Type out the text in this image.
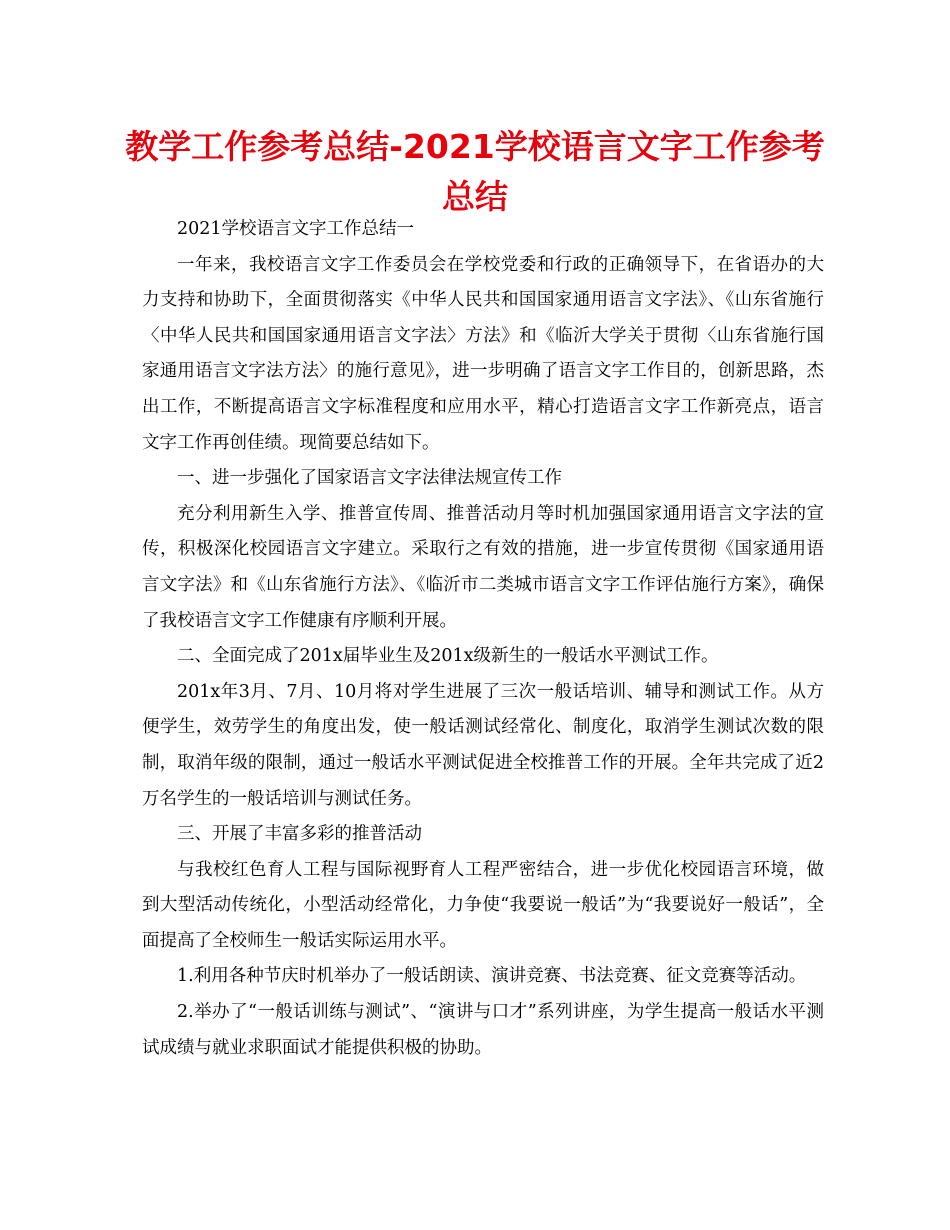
教学工作参考总结-2021学校语言文字工作参考总结

2021学校语言文字工作总结一

一年来，我校语言文字工作委员会在学校党委和行政的正确领导下，在省语办的大力支持和协助下，全面贯彻落实《中华人民共和国国家通用语言文字法》、《山东省施行〈中华人民共和国国家通用语言文字法〉方法》和《临沂大学关于贯彻〈山东省施行国家通用语言文字法方法〉的施行意见》，进一步明确了语言文字工作目的，创新思路，杰出工作，不断提高语言文字标准程度和应用水平，精心打造语言文字工作新亮点，语言文字工作再创佳绩。现简要总结如下。

一、进一步强化了国家语言文字法律法规宣传工作

充分利用新生入学、推普宣传周、推普活动月等时机加强国家通用语言文字法的宣传，积极深化校园语言文字建立。采取行之有效的措施，进一步宣传贯彻《国家通用语言文字法》和《山东省施行方法》、《临沂市二类城市语言文字工作评估施行方案》，确保了我校语言文字工作健康有序顺利开展。

二、全面完成了201x届毕业生及201x级新生的一般话水平测试工作。

201x年3月、7月、10月将对学生进展了三次一般话培训、辅导和测试工作。从方便学生，效劳学生的角度出发，使一般话测试经常化、制度化，取消学生测试次数的限制，取消年级的限制，通过一般话水平测试促进全校推普工作的开展。全年共完成了近2万名学生的一般话培训与测试任务。

三、开展了丰富多彩的推普活动

与我校红色育人工程与国际视野育人工程严密结合，进一步优化校园语言环境，做到大型活动传统化，小型活动经常化，力争使“我要说一般话”为“我要说好一般话”，全面提高了全校师生一般话实际运用水平。

1.利用各种节庆时机举办了一般话朗读、演讲竞赛、书法竞赛、征文竞赛等活动。

2.举办了“一般话训练与测试”、“演讲与口才”系列讲座，为学生提高一般话水平测试成绩与就业求职面试才能提供积极的协助。
